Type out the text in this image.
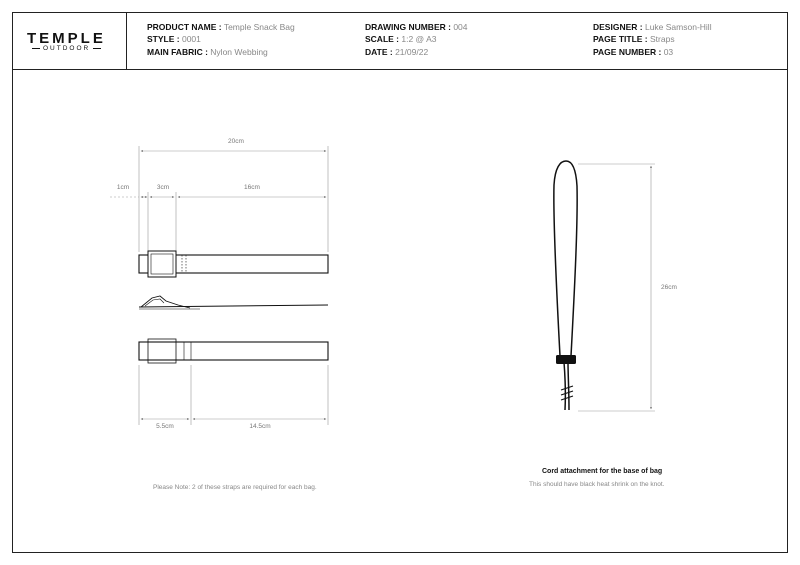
TEMPLE
OUTDOOR
PRODUCT NAME : Temple Snack Bag
STYLE : 0001
MAIN FABRIC : Nylon Webbing
DRAWING NUMBER : 004
SCALE : 1:2 @ A3
DATE : 21/09/22
DESIGNER : Luke Samson-Hill
PAGE TITLE : Straps
PAGE NUMBER : 03
20cm
1cm	3cm	16cm
5.5cm	14.5cm
26cm
Please Note: 2 of these straps are required for each bag.
Cord attachment for the base of bag
This should have black heat shrink on the knot.
